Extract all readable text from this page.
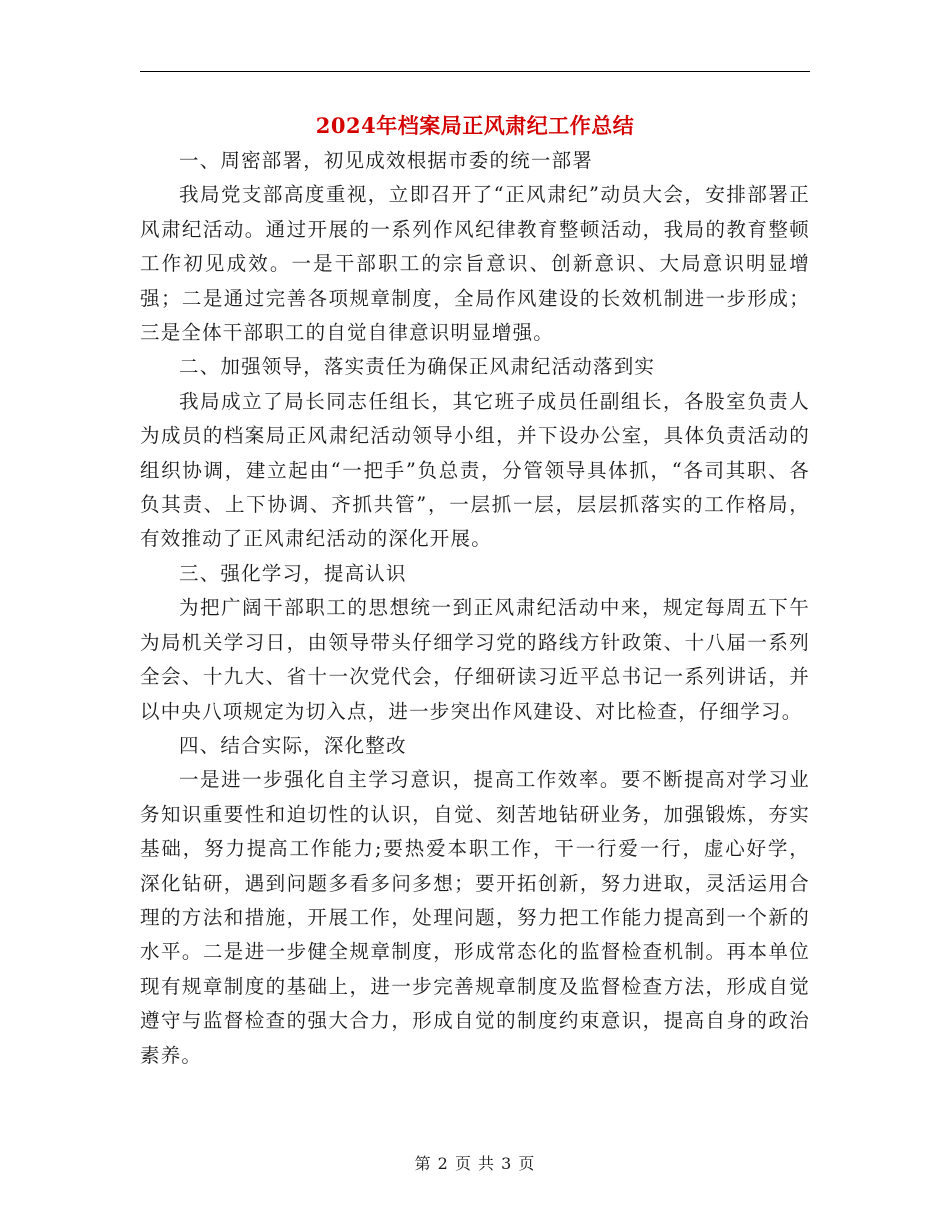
2024年档案局正风肃纪工作总结

一、周密部署，初见成效根据市委的统一部署

我局党支部高度重视，立即召开了“正风肃纪”动员大会，安排部署正风肃纪活动。通过开展的一系列作风纪律教育整顿活动，我局的教育整顿工作初见成效。一是干部职工的宗旨意识、创新意识、大局意识明显增强；二是通过完善各项规章制度，全局作风建设的长效机制进一步形成；三是全体干部职工的自觉自律意识明显增强。

二、加强领导，落实责任为确保正风肃纪活动落到实

我局成立了局长同志任组长，其它班子成员任副组长，各股室负责人为成员的档案局正风肃纪活动领导小组，并下设办公室，具体负责活动的组织协调，建立起由“一把手”负总责，分管领导具体抓，“各司其职、各负其责、上下协调、齐抓共管”，一层抓一层，层层抓落实的工作格局，有效推动了正风肃纪活动的深化开展。

三、强化学习，提高认识

为把广阔干部职工的思想统一到正风肃纪活动中来，规定每周五下午为局机关学习日，由领导带头仔细学习党的路线方针政策、十八届一系列全会、十九大、省十一次党代会，仔细研读习近平总书记一系列讲话，并以中央八项规定为切入点，进一步突出作风建设、对比检查，仔细学习。

四、结合实际，深化整改

一是进一步强化自主学习意识，提高工作效率。要不断提高对学习业务知识重要性和迫切性的认识，自觉、刻苦地钻研业务，加强锻炼，夯实基础，努力提高工作能力;要热爱本职工作，干一行爱一行，虚心好学，深化钻研，遇到问题多看多问多想；要开拓创新，努力进取，灵活运用合理的方法和措施，开展工作，处理问题，努力把工作能力提高到一个新的水平。二是进一步健全规章制度，形成常态化的监督检查机制。再本单位现有规章制度的基础上，进一步完善规章制度及监督检查方法，形成自觉遵守与监督检查的强大合力，形成自觉的制度约束意识，提高自身的政治素养。

第 2 页 共 3 页
